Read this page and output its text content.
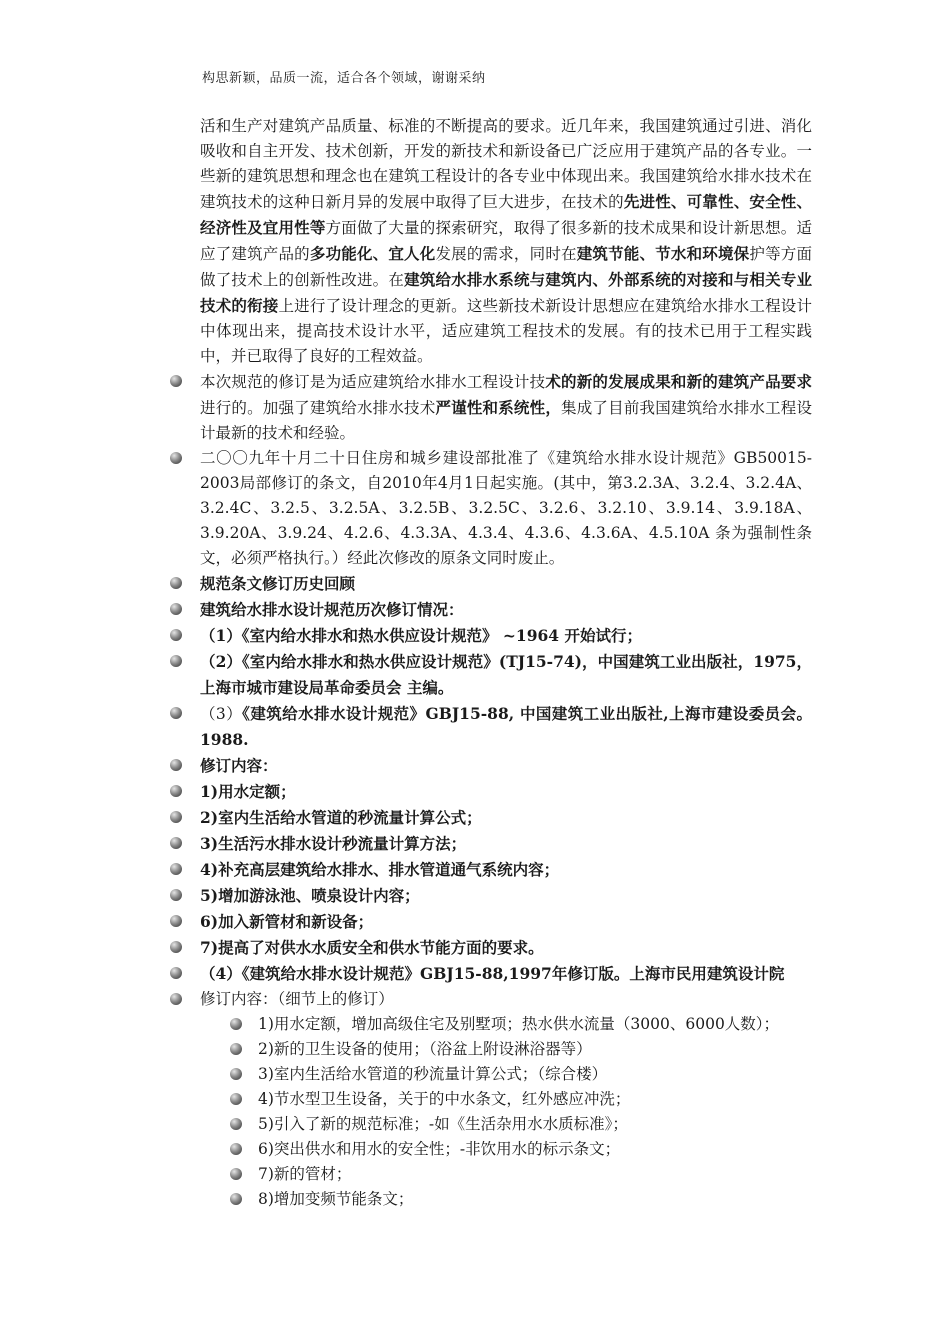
构思新颖，品质一流，适合各个领域，谢谢采纳

活和生产对建筑产品质量、标准的不断提高的要求。近几年来，我国建筑通过引进、消化吸收和自主开发、技术创新，开发的新技术和新设备已广泛应用于建筑产品的各专业。一些新的建筑思想和理念也在建筑工程设计的各专业中体现出来。我国建筑给水排水技术在建筑技术的这种日新月异的发展中取得了巨大进步，在技术的先进性、可靠性、安全性、经济性及宜用性等方面做了大量的探索研究，取得了很多新的技术成果和设计新思想。适应了建筑产品的多功能化、宜人化发展的需求，同时在建筑节能、节水和环境保护等方面做了技术上的创新性改进。在建筑给水排水系统与建筑内、外部系统的对接和与相关专业技术的衔接上进行了设计理念的更新。这些新技术新设计思想应在建筑给水排水工程设计中体现出来，提高技术设计水平，适应建筑工程技术的发展。有的技术已用于工程实践中，并已取得了良好的工程效益。

本次规范的修订是为适应建筑给水排水工程设计技术的新的发展成果和新的建筑产品要求进行的。加强了建筑给水排水技术严谨性和系统性，集成了目前我国建筑给水排水工程设计最新的技术和经验。

二〇〇九年十月二十日住房和城乡建设部批准了《建筑给水排水设计规范》GB50015-2003局部修订的条文，自2010年4月1日起实施。(其中，第3.2.3A、3.2.4、3.2.4A、3.2.4C、3.2.5、3.2.5A、3.2.5B、3.2.5C、3.2.6、3.2.10、3.9.14、3.9.18A、3.9.20A、3.9.24、4.2.6、4.3.3A、4.3.4、4.3.6、4.3.6A、4.5.10A 条为强制性条文，必须严格执行。）经此次修改的原条文同时废止。

规范条文修订历史回顾

建筑给水排水设计规范历次修订情况：

（1）《室内给水排水和热水供应设计规范》 ~1964 开始试行；

（2）《室内给水排水和热水供应设计规范》(TJ15-74)，中国建筑工业出版社，1975，上海市城市建设局革命委员会 主编。

（3）《建筑给水排水设计规范》GBJ15-88, 中国建筑工业出版社,上海市建设委员会。1988.

修订内容：

1)用水定额；

2)室内生活给水管道的秒流量计算公式；

3)生活污水排水设计秒流量计算方法；

4)补充高层建筑给水排水、排水管道通气系统内容；

5)增加游泳池、喷泉设计内容；

6)加入新管材和新设备；

7)提高了对供水水质安全和供水节能方面的要求。

（4）《建筑给水排水设计规范》GBJ15-88,1997年修订版。上海市民用建筑设计院

修订内容：（细节上的修订）

1)用水定额，增加高级住宅及别墅项；热水供水流量（3000、6000人数）；

2)新的卫生设备的使用；（浴盆上附设淋浴器等）

3)室内生活给水管道的秒流量计算公式；（综合楼）

4)节水型卫生设备，关于的中水条文，红外感应冲洗；

5)引入了新的规范标准；-如《生活杂用水水质标准》；

6)突出供水和用水的安全性；-非饮用水的标示条文；

7)新的管材；

8)增加变频节能条文；
